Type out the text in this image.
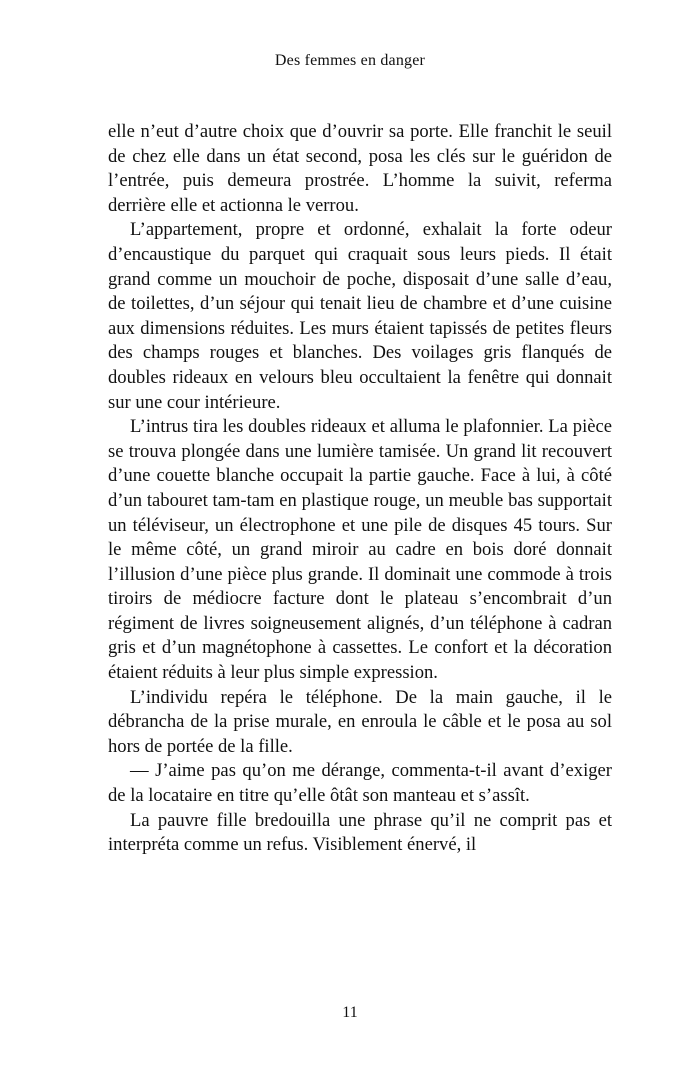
Des femmes en danger

elle n’eut d’autre choix que d’ouvrir sa porte. Elle franchit le seuil de chez elle dans un état second, posa les clés sur le guéridon de l’entrée, puis demeura prostrée. L’homme la suivit, referma derrière elle et actionna le verrou.

L’appartement, propre et ordonné, exhalait la forte odeur d’encaustique du parquet qui craquait sous leurs pieds. Il était grand comme un mouchoir de poche, disposait d’une salle d’eau, de toilettes, d’un séjour qui tenait lieu de chambre et d’une cuisine aux dimensions réduites. Les murs étaient tapissés de petites fleurs des champs rouges et blanches. Des voilages gris flanqués de doubles rideaux en velours bleu occultaient la fenêtre qui donnait sur une cour intérieure.

L’intrus tira les doubles rideaux et alluma le plafonnier. La pièce se trouva plongée dans une lumière tamisée. Un grand lit recouvert d’une couette blanche occupait la partie gauche. Face à lui, à côté d’un tabouret tam-tam en plastique rouge, un meuble bas supportait un téléviseur, un électrophone et une pile de disques 45 tours. Sur le même côté, un grand miroir au cadre en bois doré donnait l’illusion d’une pièce plus grande. Il dominait une commode à trois tiroirs de médiocre facture dont le plateau s’encombrait d’un régiment de livres soigneusement alignés, d’un téléphone à cadran gris et d’un magnétophone à cassettes. Le confort et la décoration étaient réduits à leur plus simple expression.

L’individu repéra le téléphone. De la main gauche, il le débrancha de la prise murale, en enroula le câble et le posa au sol hors de portée de la fille.

— J’aime pas qu’on me dérange, commenta-t-il avant d’exiger de la locataire en titre qu’elle ôtât son manteau et s’assît.

La pauvre fille bredouilla une phrase qu’il ne comprit pas et interpréta comme un refus. Visiblement énervé, il

11
